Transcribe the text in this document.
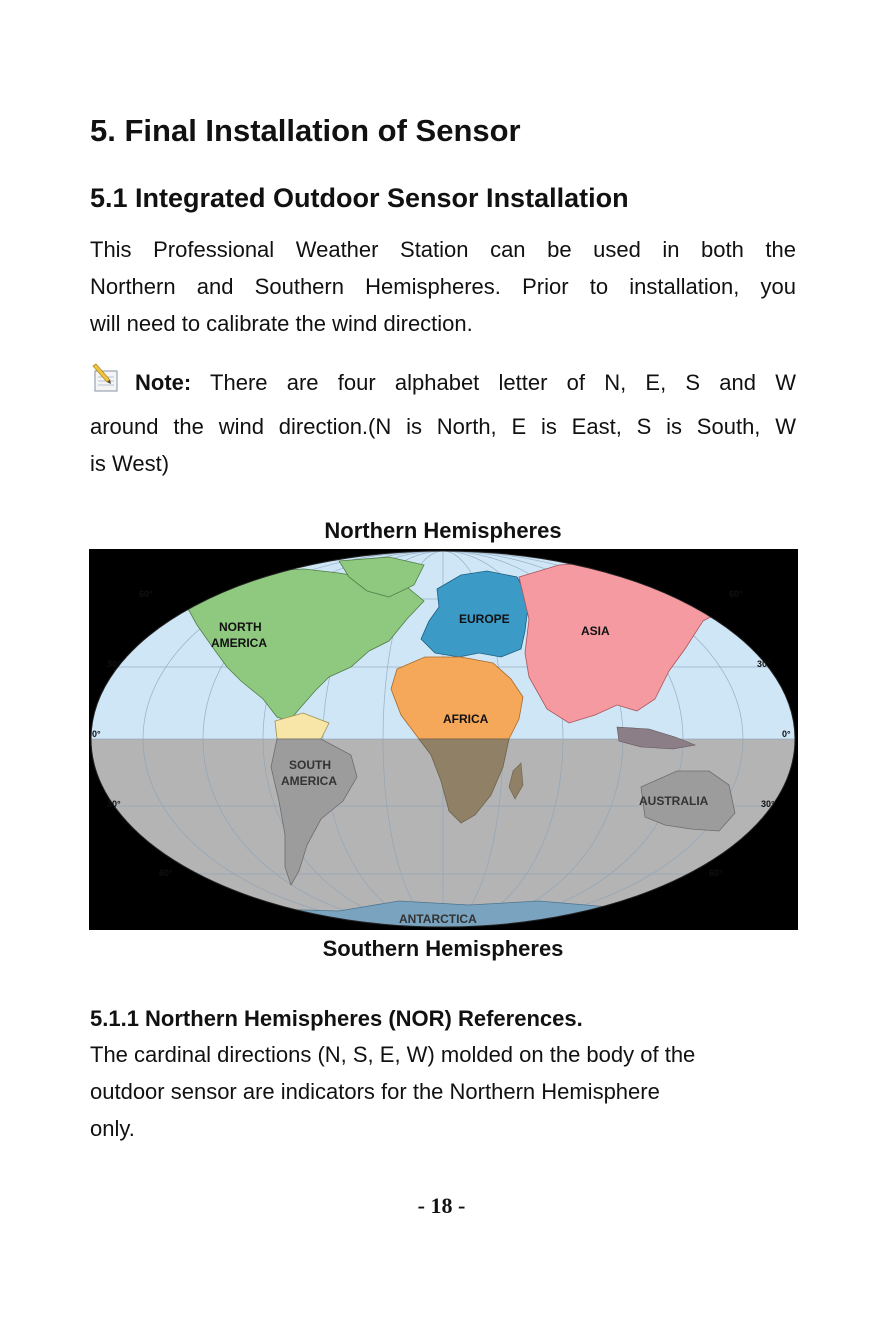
5. Final Installation of Sensor
5.1 Integrated Outdoor Sensor Installation
This Professional Weather Station can be used in both the
Northern and Southern Hemispheres. Prior to installation, you
will need to calibrate the wind direction.
Note: There are four alphabet letter of N, E, S and W
around the wind direction.(N is North, E is East, S is South, W
is West)
Northern Hemispheres
NORTH
AMERICA
EUROPE
ASIA
AFRICA
SOUTH
AMERICA
AUSTRALIA
ANTARCTICA
60°	60°
30°	30°
0°	0°
30°	30°
60°	60°
Southern Hemispheres
5.1.1 Northern Hemispheres (NOR) References.
The cardinal directions (N, S, E, W) molded on the body of the
outdoor sensor are indicators for the Northern Hemisphere
only.
- 18 -
